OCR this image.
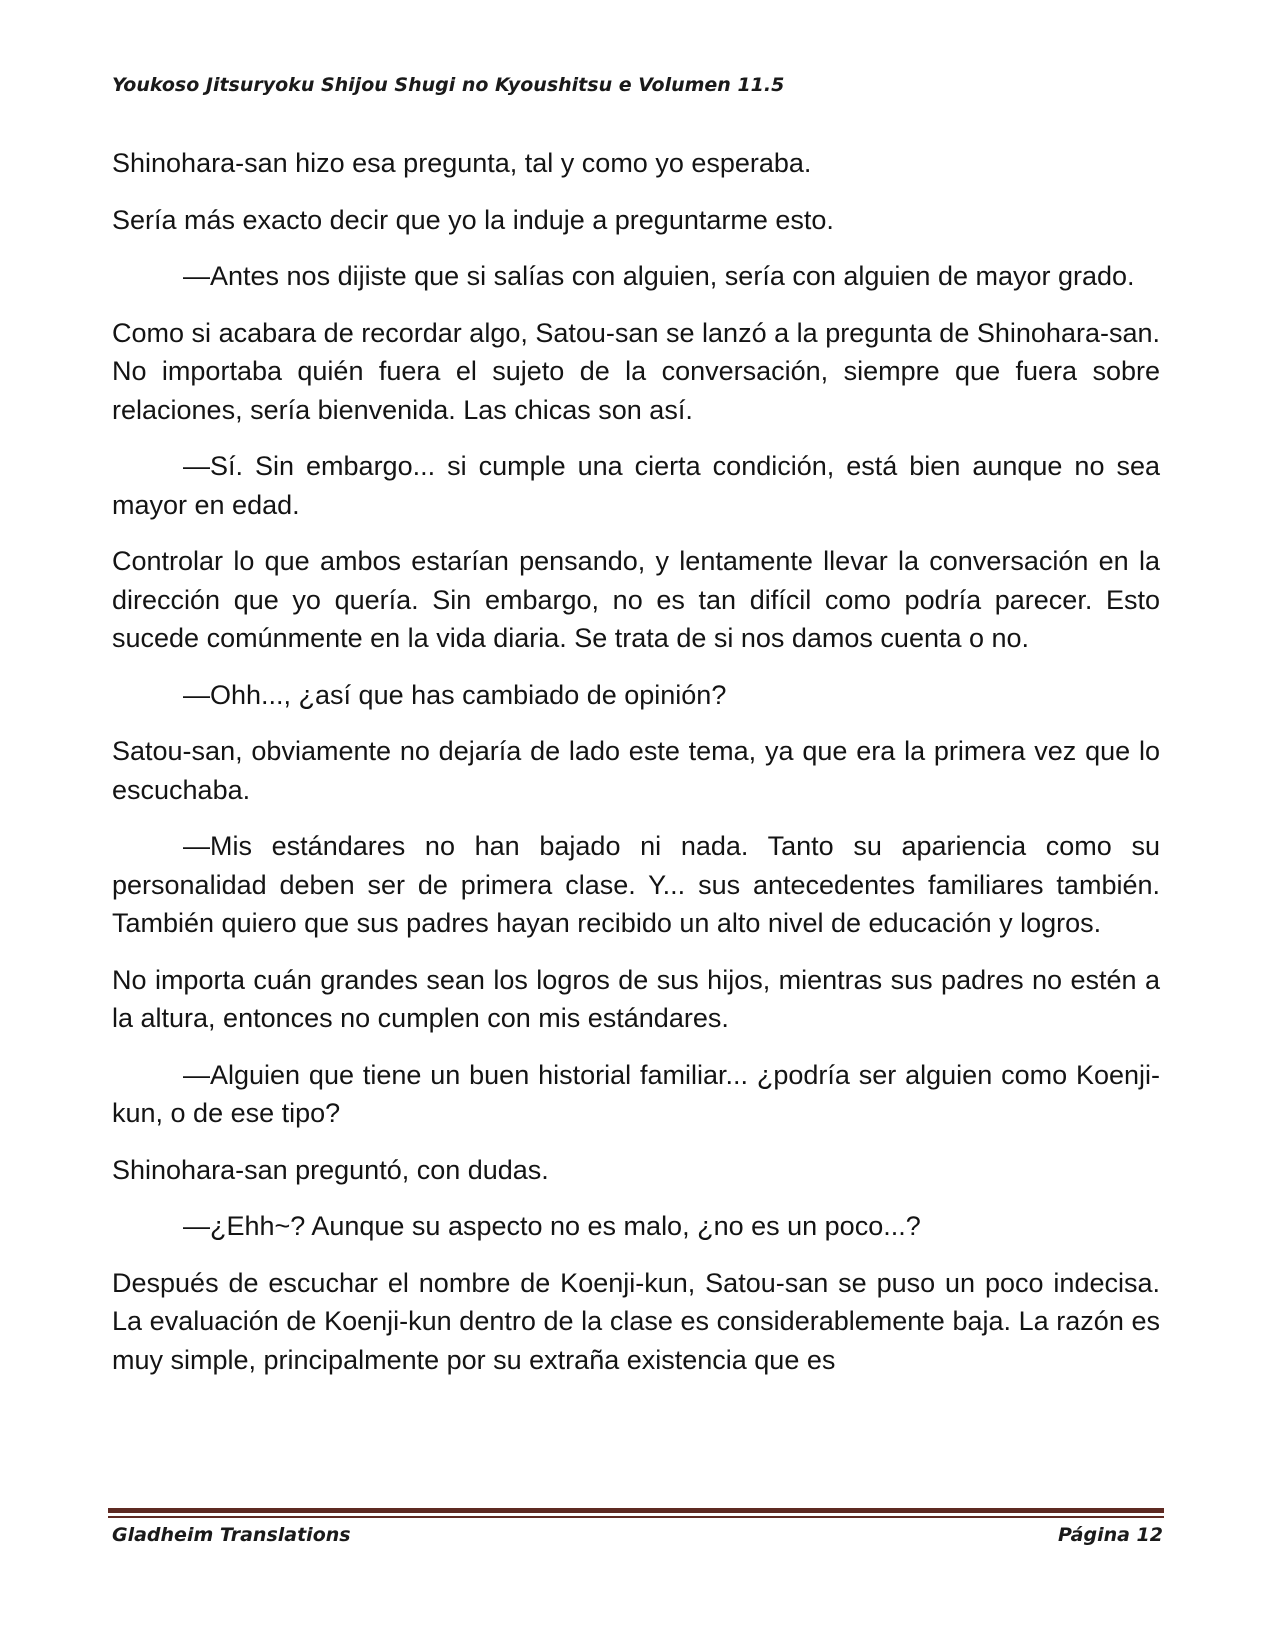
Youkoso Jitsuryoku Shijou Shugi no Kyoushitsu e Volumen 11.5

Shinohara-san hizo esa pregunta, tal y como yo esperaba.

Sería más exacto decir que yo la induje a preguntarme esto.

—Antes nos dijiste que si salías con alguien, sería con alguien de mayor grado.

Como si acabara de recordar algo, Satou-san se lanzó a la pregunta de Shinohara-san. No importaba quién fuera el sujeto de la conversación, siempre que fuera sobre relaciones, sería bienvenida. Las chicas son así.

—Sí. Sin embargo... si cumple una cierta condición, está bien aunque no sea mayor en edad.

Controlar lo que ambos estarían pensando, y lentamente llevar la conversación en la dirección que yo quería. Sin embargo, no es tan difícil como podría parecer. Esto sucede comúnmente en la vida diaria. Se trata de si nos damos cuenta o no.

—Ohh..., ¿así que has cambiado de opinión?

Satou-san, obviamente no dejaría de lado este tema, ya que era la primera vez que lo escuchaba.

—Mis estándares no han bajado ni nada. Tanto su apariencia como su personalidad deben ser de primera clase. Y... sus antecedentes familiares también. También quiero que sus padres hayan recibido un alto nivel de educación y logros.

No importa cuán grandes sean los logros de sus hijos, mientras sus padres no estén a la altura, entonces no cumplen con mis estándares.

—Alguien que tiene un buen historial familiar... ¿podría ser alguien como Koenji-kun, o de ese tipo?

Shinohara-san preguntó, con dudas.

—¿Ehh~? Aunque su aspecto no es malo, ¿no es un poco...?

Después de escuchar el nombre de Koenji-kun, Satou-san se puso un poco indecisa. La evaluación de Koenji-kun dentro de la clase es considerablemente baja. La razón es muy simple, principalmente por su extraña existencia que es

Gladheim Translations	Página 12
